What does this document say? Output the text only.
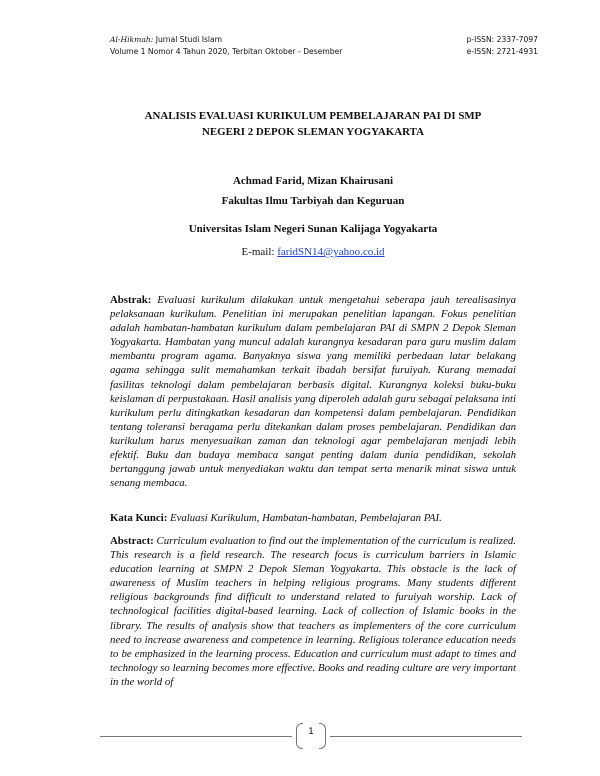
Al-Hikmah: Jurnal Studi Islam	p-ISSN: 2337-7097
Volume 1 Nomor 4 Tahun 2020, Terbitan Oktober - Desember	e-ISSN: 2721-4931
ANALISIS EVALUASI KURIKULUM PEMBELAJARAN PAI DI SMP
NEGERI 2 DEPOK SLEMAN YOGYAKARTA
Achmad Farid, Mizan Khairusani
Fakultas Ilmu Tarbiyah dan Keguruan
Universitas Islam Negeri Sunan Kalijaga Yogyakarta
E-mail: faridSN14@yahoo.co.id
Abstrak: Evaluasi kurikulum dilakukan untuk mengetahui seberapa jauh terealisasinya pelaksanaan kurikulum. Penelitian ini merupakan penelitian lapangan. Fokus penelitian adalah hambatan-hambatan kurikulum dalam pembelajaran PAI di SMPN 2 Depok Sleman Yogyakarta. Hambatan yang muncul adalah kurangnya kesadaran para guru muslim dalam membantu program agama. Banyaknya siswa yang memiliki perbedaan latar belakang agama sehingga sulit memahamkan terkait ibadah bersifat furuiyah. Kurang memadai fasilitas teknologi dalam pembelajaran berbasis digital. Kurangnya koleksi buku-buku keislaman di perpustakaan. Hasil analisis yang diperoleh adalah guru sebagai pelaksana inti kurikulum perlu ditingkatkan kesadaran dan kompetensi dalam pembelajaran. Pendidikan tentang toleransi beragama perlu ditekankan dalam proses pembelajaran. Pendidikan dan kurikulum harus menyesuaikan zaman dan teknologi agar pembelajaran menjadi lebih efektif. Buku dan budaya membaca sangat penting dalam dunia pendidikan, sekolah bertanggung jawab untuk menyediakan waktu dan tempat serta menarik minat siswa untuk senang membaca.
Kata Kunci: Evaluasi Kurikulum, Hambatan-hambatan, Pembelajaran PAI.
Abstract: Curriculum evaluation to find out the implementation of the curriculum is realized. This research is a field research. The research focus is curriculum barriers in Islamic education learning at SMPN 2 Depok Sleman Yogyakarta. This obstacle is the lack of awareness of Muslim teachers in helping religious programs. Many students different religious backgrounds find difficult to understand related to furuiyah worship. Lack of technological facilities digital-based learning. Lack of collection of Islamic books in the library. The results of analysis show that teachers as implementers of the core curriculum need to increase awareness and competence in learning. Religious tolerance education needs to be emphasized in the learning process. Education and curriculum must adapt to times and technology so learning becomes more effective. Books and reading culture are very important in the world of
1
